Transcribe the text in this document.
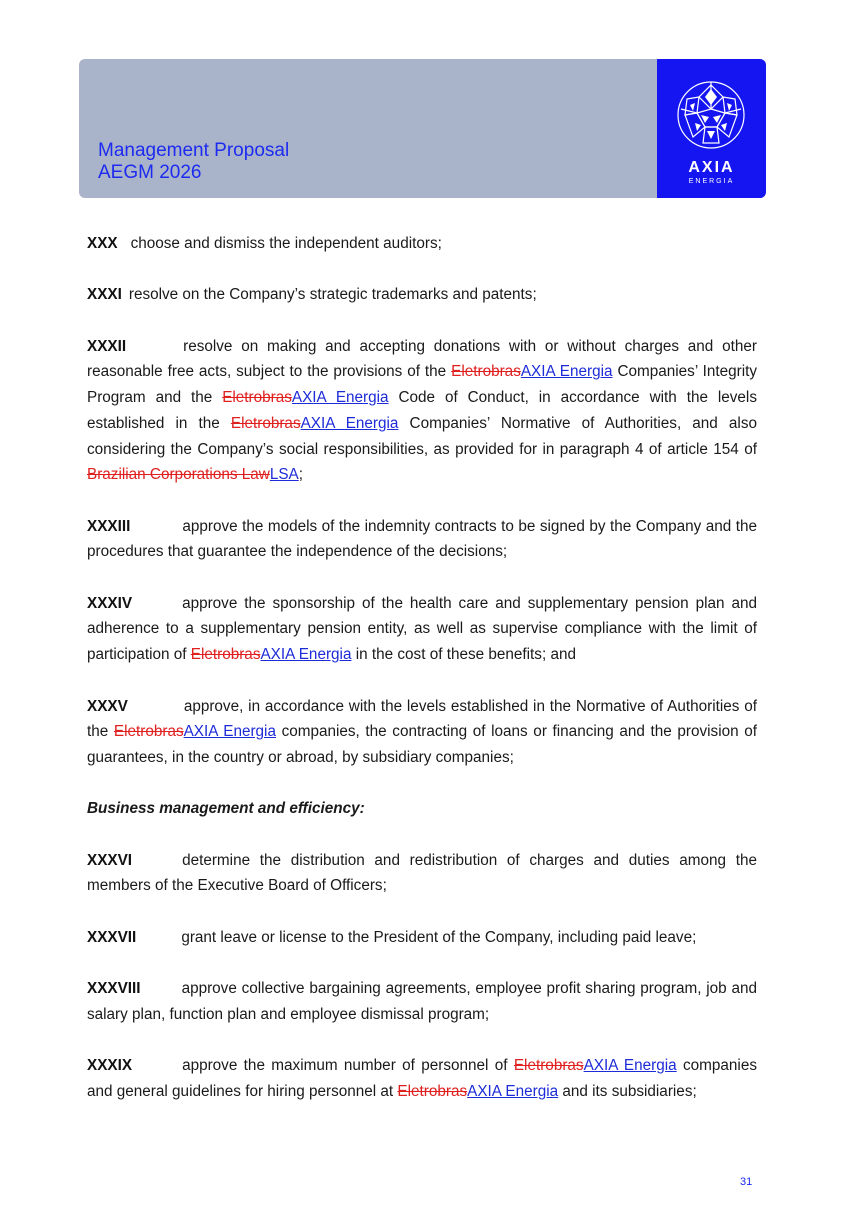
Management Proposal
AEGM 2026	AXIA
ENERGIA

XXX choose and dismiss the independent auditors;

XXXI resolve on the Company’s strategic trademarks and patents;

XXXII	resolve on making and accepting donations with or without charges and other reasonable free acts, subject to the provisions of the EletrobrasAXIA Energia Companies’ Integrity Program and the EletrobrasAXIA Energia Code of Conduct, in accordance with the levels established in the EletrobrasAXIA Energia Companies’ Normative of Authorities, and also considering the Company’s social responsibilities, as provided for in paragraph 4 of article 154 of Brazilian Corporations LawLSA;

XXXIII	approve the models of the indemnity contracts to be signed by the Company and the procedures that guarantee the independence of the decisions;

XXXIV	approve the sponsorship of the health care and supplementary pension plan and adherence to a supplementary pension entity, as well as supervise compliance with the limit of participation of EletrobrasAXIA Energia in the cost of these benefits; and

XXXV	approve, in accordance with the levels established in the Normative of Authorities of the EletrobrasAXIA Energia companies, the contracting of loans or financing and the provision of guarantees, in the country or abroad, by subsidiary companies;

Business management and efficiency:

XXXVI	determine the distribution and redistribution of charges and duties among the members of the Executive Board of Officers;

XXXVII	grant leave or license to the President of the Company, including paid leave;

XXXVIII	approve collective bargaining agreements, employee profit sharing program, job and salary plan, function plan and employee dismissal program;

XXXIX	approve the maximum number of personnel of EletrobrasAXIA Energia companies and general guidelines for hiring personnel at EletrobrasAXIA Energia and its subsidiaries;

31
